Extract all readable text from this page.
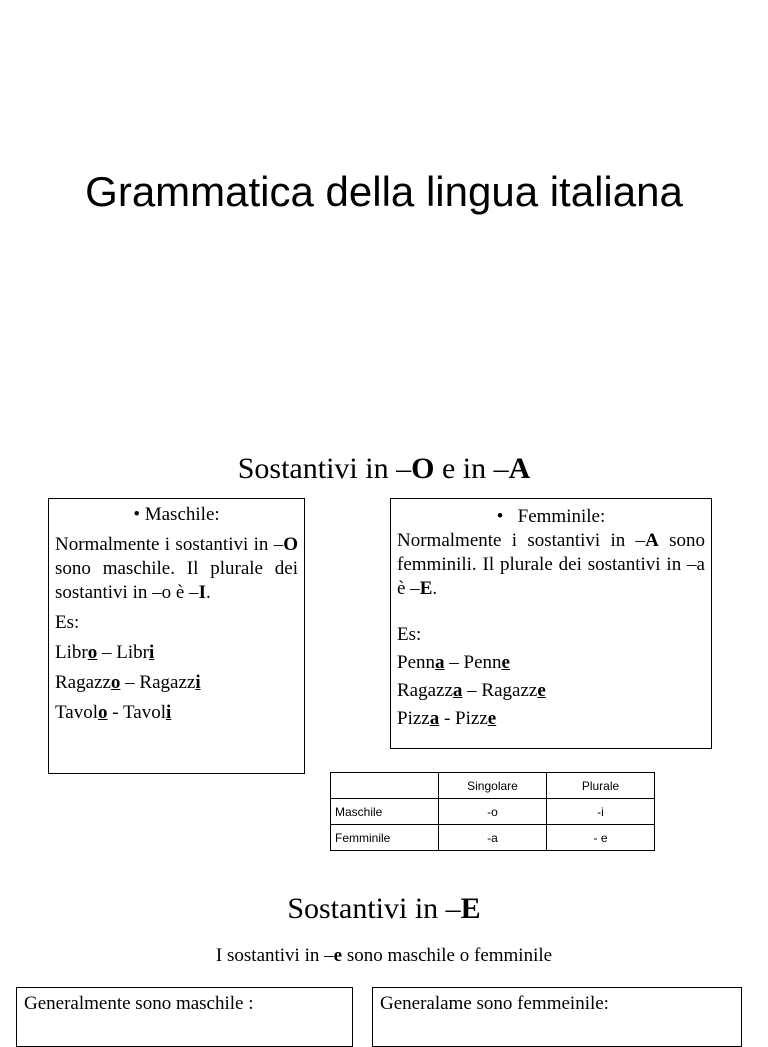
Grammatica della lingua italiana
Sostantivi in –O e in –A
• Maschile:
Normalmente i sostantivi in –O sono maschile. Il plurale dei sostantivi in –o è –I.
Es:
Libro – Libri
Ragazzo – Ragazzi
Tavolo - Tavoli
• Femminile:
Normalmente i sostantivi in –A sono femminili. Il plurale dei sostantivi in –a è –E.
Es:
Penna – Penne
Ragazza – Ragazze
Pizza - Pizze
	Singolare	Plurale
Maschile	-o	-i
Femminile	-a	- e
Sostantivi in –E
I sostantivi in –e sono maschile o femminile
Generalmente sono maschile :	Generalame sono femmeinile:
